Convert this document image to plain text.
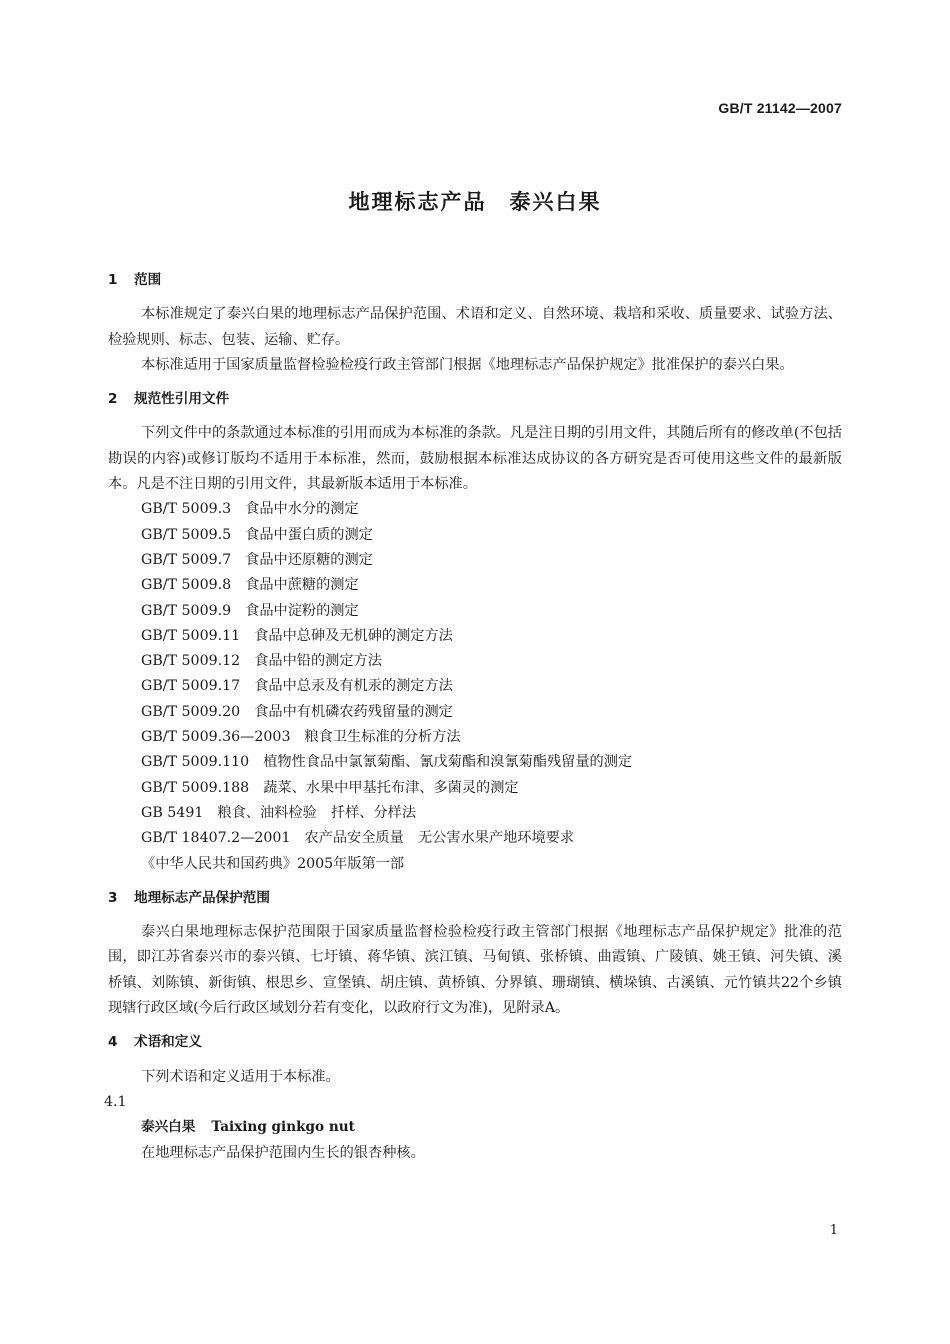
GB/T 21142—2007
地理标志产品　泰兴白果
1 范围

本标准规定了泰兴白果的地理标志产品保护范围、术语和定义、自然环境、栽培和采收、质量要求、试验方法、检验规则、标志、包装、运输、贮存。

本标准适用于国家质量监督检验检疫行政主管部门根据《地理标志产品保护规定》批准保护的泰兴白果。

2 规范性引用文件

下列文件中的条款通过本标准的引用而成为本标准的条款。凡是注日期的引用文件，其随后所有的修改单(不包括勘误的内容)或修订版均不适用于本标准，然而，鼓励根据本标准达成协议的各方研究是否可使用这些文件的最新版本。凡是不注日期的引用文件，其最新版本适用于本标准。

GB/T 5009.3 食品中水分的测定
GB/T 5009.5 食品中蛋白质的测定
GB/T 5009.7 食品中还原糖的测定
GB/T 5009.8 食品中蔗糖的测定
GB/T 5009.9 食品中淀粉的测定
GB/T 5009.11 食品中总砷及无机砷的测定方法
GB/T 5009.12 食品中铅的测定方法
GB/T 5009.17 食品中总汞及有机汞的测定方法
GB/T 5009.20 食品中有机磷农药残留量的测定
GB/T 5009.36—2003 粮食卫生标准的分析方法
GB/T 5009.110 植物性食品中氯氰菊酯、氰戊菊酯和溴氰菊酯残留量的测定
GB/T 5009.188 蔬菜、水果中甲基托布津、多菌灵的测定
GB 5491 粮食、油料检验　扦样、分样法
GB/T 18407.2—2001 农产品安全质量　无公害水果产地环境要求
《中华人民共和国药典》2005年版第一部
3 地理标志产品保护范围

泰兴白果地理标志保护范围限于国家质量监督检验检疫行政主管部门根据《地理标志产品保护规定》批准的范围，即江苏省泰兴市的泰兴镇、七圩镇、蒋华镇、滨江镇、马甸镇、张桥镇、曲霞镇、广陵镇、姚王镇、河失镇、溪桥镇、刘陈镇、新街镇、根思乡、宣堡镇、胡庄镇、黄桥镇、分界镇、珊瑚镇、横垛镇、古溪镇、元竹镇共22个乡镇现辖行政区域(今后行政区域划分若有变化，以政府行文为准)，见附录A。

4 术语和定义

下列术语和定义适用于本标准。

4.1
泰兴白果 Taixing ginkgo nut

在地理标志产品保护范围内生长的银杏种核。

1
